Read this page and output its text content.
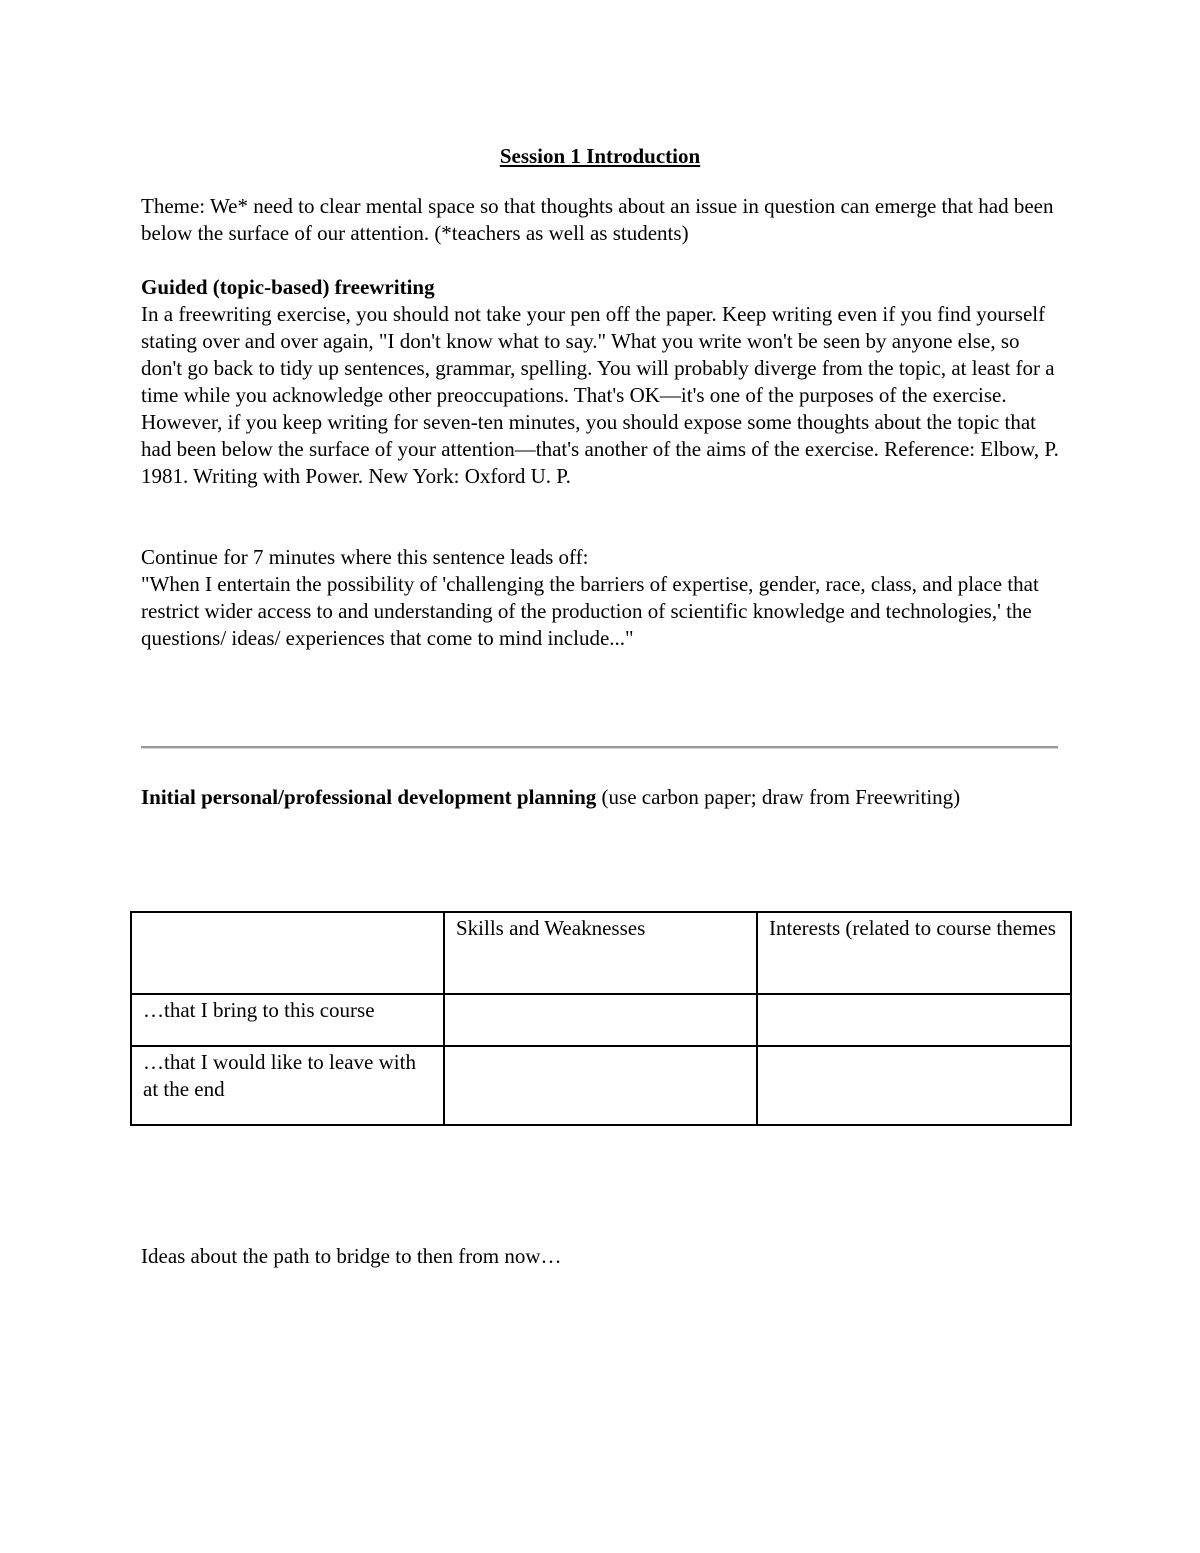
Session 1 Introduction

Theme: We* need to clear mental space so that thoughts about an issue in question can emerge that had been below the surface of our attention. (*teachers as well as students)

Guided (topic-based) freewriting

In a freewriting exercise, you should not take your pen off the paper. Keep writing even if you find yourself stating over and over again, "I don't know what to say." What you write won't be seen by anyone else, so don't go back to tidy up sentences, grammar, spelling. You will probably diverge from the topic, at least for a time while you acknowledge other preoccupations. That's OK—it's one of the purposes of the exercise. However, if you keep writing for seven-ten minutes, you should expose some thoughts about the topic that had been below the surface of your attention—that's another of the aims of the exercise. Reference: Elbow, P. 1981. Writing with Power. New York: Oxford U. P.

Continue for 7 minutes where this sentence leads off:

"When I entertain the possibility of 'challenging the barriers of expertise, gender, race, class, and place that restrict wider access to and understanding of the production of scientific knowledge and technologies,' the questions/ ideas/ experiences that come to mind include..."

Initial personal/professional development planning (use carbon paper; draw from Freewriting)

	Skills and Weaknesses	Interests (related to course themes
…that I bring to this course		
…that I would like to leave with at the end		

Ideas about the path to bridge to then from now…
